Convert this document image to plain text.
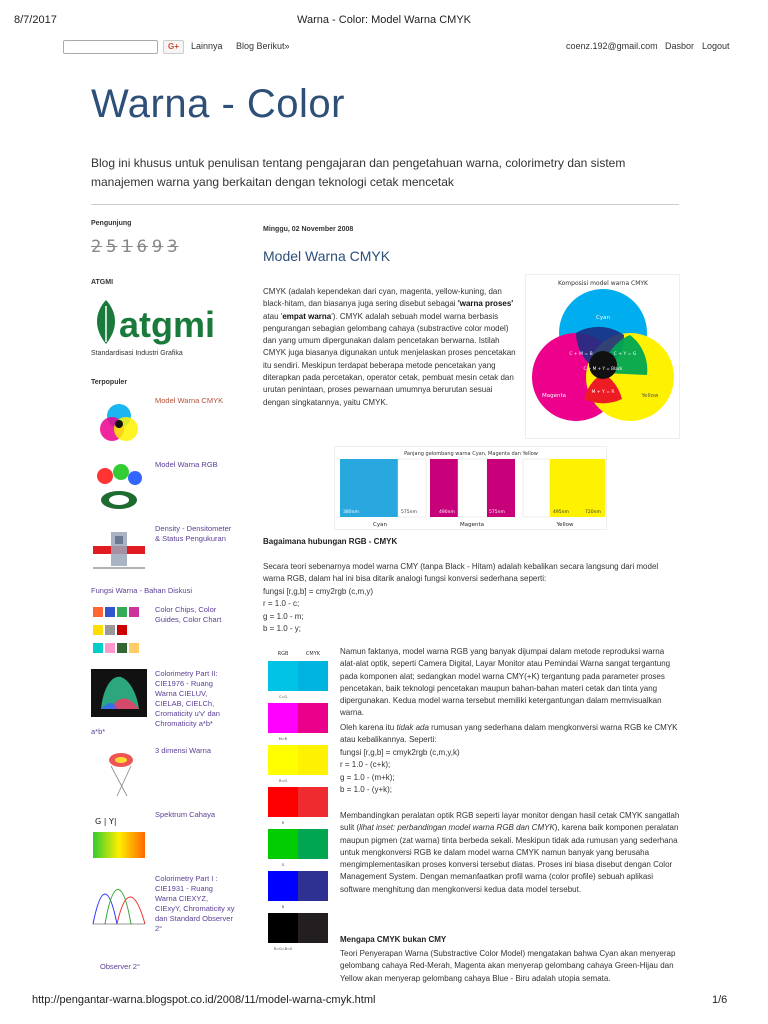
8/7/2017	Warna - Color: Model Warna CMYK
G+	Lainnya Blog Berikut»	coenz.192@gmail.com Dasbor Logout
Warna - Color
Blog ini khusus untuk penulisan tentang pengajaran dan pengetahuan warna, colorimetry dan sistem manajemen warna yang berkaitan dengan teknologi cetak mencetak
Pengunjung
2 5 1 6 9 3
ATGMI
atgmi
Standardisasi Industri Grafika
Terpopuler
Model Warna CMYK
Model Warna RGB
Density - Densitometer & Status Pengukuran
Fungsi Warna - Bahan Diskusi
Color Chips, Color Guides, Color Chart
Colorimetry Part II: CIE1976 - Ruang Warna CIELUV, CIELAB, CIELCh, Cromaticity u'v' dan Chromaticity a*b*
a*b*
3 dimensi Warna
G | Y|
Spektrum Cahaya
Colorimetry Part I : CIE1931 - Ruang Warna CIEXYZ, CIExyY, Chromaticity xy dan Standard Observer 2°
Observer 2°
Minggu, 02 November 2008
Model Warna CMYK
CMYK (adalah kependekan dari cyan, magenta, yellow-kuning, dan black-hitam, dan biasanya juga sering disebut sebagai 'warna proses' atau 'empat warna'). CMYK adalah sebuah model warna berbasis pengurangan sebagian gelombang cahaya (substractive color model) dan yang umum dipergunakan dalam pencetakan berwarna. Istilah CMYK juga biasanya digunakan untuk menjelaskan proses pencetakan itu sendiri. Meskipun terdapat beberapa metode pencetakan yang diterapkan pada percetakan, operator cetak, pembuat mesin cetak dan urutan penintaan, proses pewarnaan umumnya berurutan sesuai dengan singkatannya, yaitu CMYK.
Komposisi model warna CMYK
Cyan
Magenta	Yellow
C + M = B	C + Y = G
C + M + Y = Black
M + Y = R
Panjang gelombang warna Cyan, Magenta dan Yellow
380nm	575nm	490nm	575nm	495nm	720nm
Cyan	Magenta	Yellow
Bagaimana hubungan RGB - CMYK
Secara teori sebenarnya model warna CMY (tanpa Black - Hitam) adalah kebalikan secara langsung dari model warna RGB, dalam hal ini bisa ditarik analogi fungsi konversi sederhana seperti:
fungsi [r,g,b] = cmy2rgb (c,m,y)
r = 1.0 - c;
g = 1.0 - m;
b = 1.0 - y;
RGB	CMYK
C=G
M=R
R=G
R
G
B
R=G=B=0
Namun faktanya, model warna RGB yang banyak dijumpai dalam metode reproduksi warna alat-alat optik, seperti Camera Digital, Layar Monitor atau Pemindai Warna sangat tergantung pada komponen alat; sedangkan model warna CMY(+K) tergantung pada parameter proses pencetakan, baik teknologi pencetakan maupun bahan-bahan materi cetak dan tinta yang dipergunakan. Kedua model warna tersebut memiliki ketergantungan dalam memvisualkan warna.
Oleh karena itu tidak ada rumusan yang sederhana dalam mengkonversi warna RGB ke CMYK atau kebalikannya. Seperti:
fungsi [r,g,b] = cmyk2rgb (c,m,y,k)
r = 1.0 - (c+k);
g = 1.0 - (m+k);
b = 1.0 - (y+k);
Membandingkan peralatan optik RGB seperti layar monitor dengan hasil cetak CMYK sangatlah sulit (lihat inset: perbandingan model warna RGB dan CMYK), karena baik komponen peralatan maupun pigmen (zat warna) tinta berbeda sekali. Meskipun tidak ada rumusan yang sederhana untuk mengkonversi RGB ke dalam model warna CMYK namun banyak yang berusaha mengimplementasikan proses konversi tersebut diatas. Proses ini biasa disebut dengan Color Management System. Dengan memanfaatkan profil warna (color profile) sebuah aplikasi software menghitung dan mengkonversi kedua data model tersebut.
Mengapa CMYK bukan CMY
Teori Penyerapan Warna (Substractive Color Model) mengatakan bahwa Cyan akan menyerap gelombang cahaya Red-Merah, Magenta akan menyerap gelombang cahaya Green-Hijau dan Yellow akan menyerap gelombang cahaya Blue - Biru adalah utopia semata.
http://pengantar-warna.blogspot.co.id/2008/11/model-warna-cmyk.html	1/6
